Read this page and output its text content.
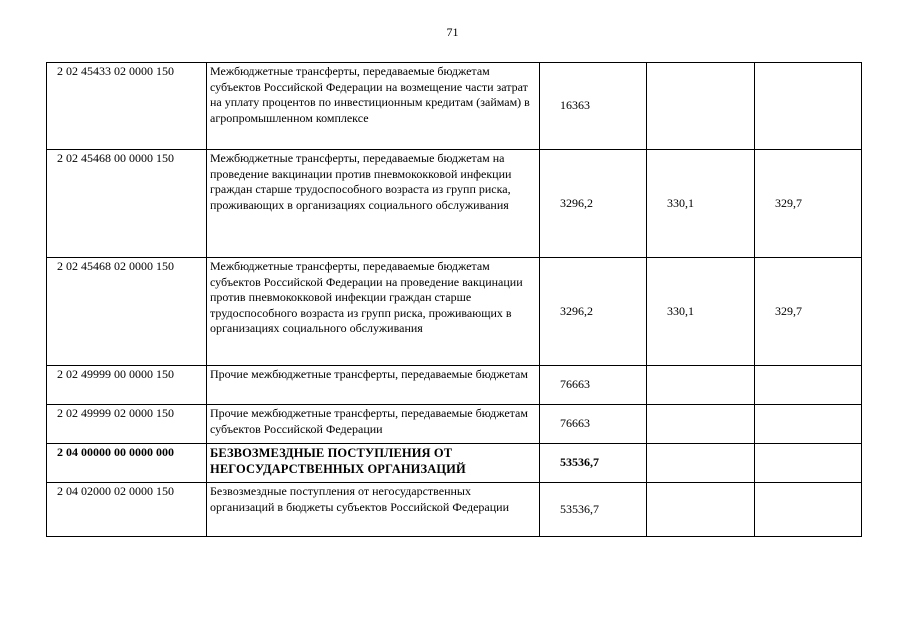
71
2 02 45433 02 0000 150	Межбюджетные трансферты, передаваемые бюджетам субъектов Российской Федерации на возмещение части затрат на уплату процентов по инвестиционным кредитам (займам) в агропромышленном комплексе	16363		
2 02 45468 00 0000 150	Межбюджетные трансферты, передаваемые бюджетам на проведение вакцинации против пневмококковой инфекции граждан старше трудоспособного возраста из групп риска, проживающих в организациях социального обслуживания	3296,2	330,1	329,7
2 02 45468 02 0000 150	Межбюджетные трансферты, передаваемые бюджетам субъектов Российской Федерации на проведение вакцинации против пневмококковой инфекции граждан старше трудоспособного возраста из групп риска, проживающих в организациях социального обслуживания	3296,2	330,1	329,7
2 02 49999 00 0000 150	Прочие межбюджетные трансферты, передаваемые бюджетам	76663		
2 02 49999 02 0000 150	Прочие межбюджетные трансферты, передаваемые бюджетам субъектов Российской Федерации	76663		
2 04 00000 00 0000 000	БЕЗВОЗМЕЗДНЫЕ ПОСТУПЛЕНИЯ ОТ НЕГОСУДАРСТВЕННЫХ ОРГАНИЗАЦИЙ	53536,7		
2 04 02000 02 0000 150	Безвозмездные поступления от негосударственных организаций в бюджеты субъектов Российской Федерации	53536,7		
